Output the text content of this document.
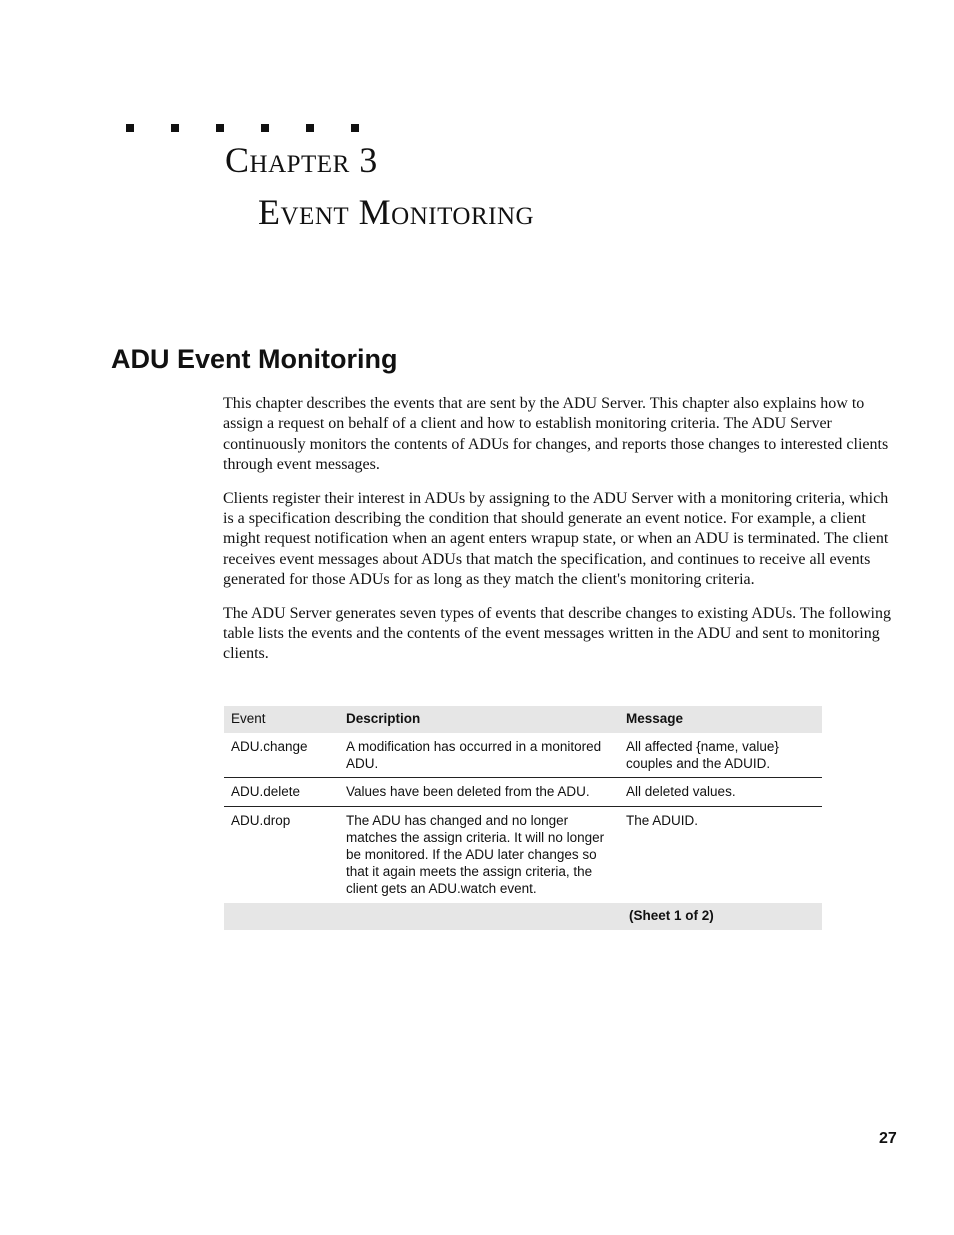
Chapter 3
Event Monitoring
ADU Event Monitoring

This chapter describes the events that are sent by the ADU Server. This chapter also explains how to assign a request on behalf of a client and how to establish monitoring criteria. The ADU Server continuously monitors the contents of ADUs for changes, and reports those changes to interested clients through event messages.

Clients register their interest in ADUs by assigning to the ADU Server with a monitoring criteria, which is a specification describing the condition that should generate an event notice. For example, a client might request notification when an agent enters wrapup state, or when an ADU is terminated. The client receives event messages about ADUs that match the specification, and continues to receive all events generated for those ADUs for as long as they match the client's monitoring criteria.

The ADU Server generates seven types of events that describe changes to existing ADUs. The following table lists the events and the contents of the event messages written in the ADU and sent to monitoring clients.

Event	Description	Message
ADU.change	A modification has occurred in a monitored ADU.	All affected {name, value} couples and the ADUID.
ADU.delete	Values have been deleted from the ADU.	All deleted values.
ADU.drop	The ADU has changed and no longer matches the assign criteria. It will no longer be monitored. If the ADU later changes so that it again meets the assign criteria, the client gets an ADU.watch event.	The ADUID.
		(Sheet 1 of 2)
27
